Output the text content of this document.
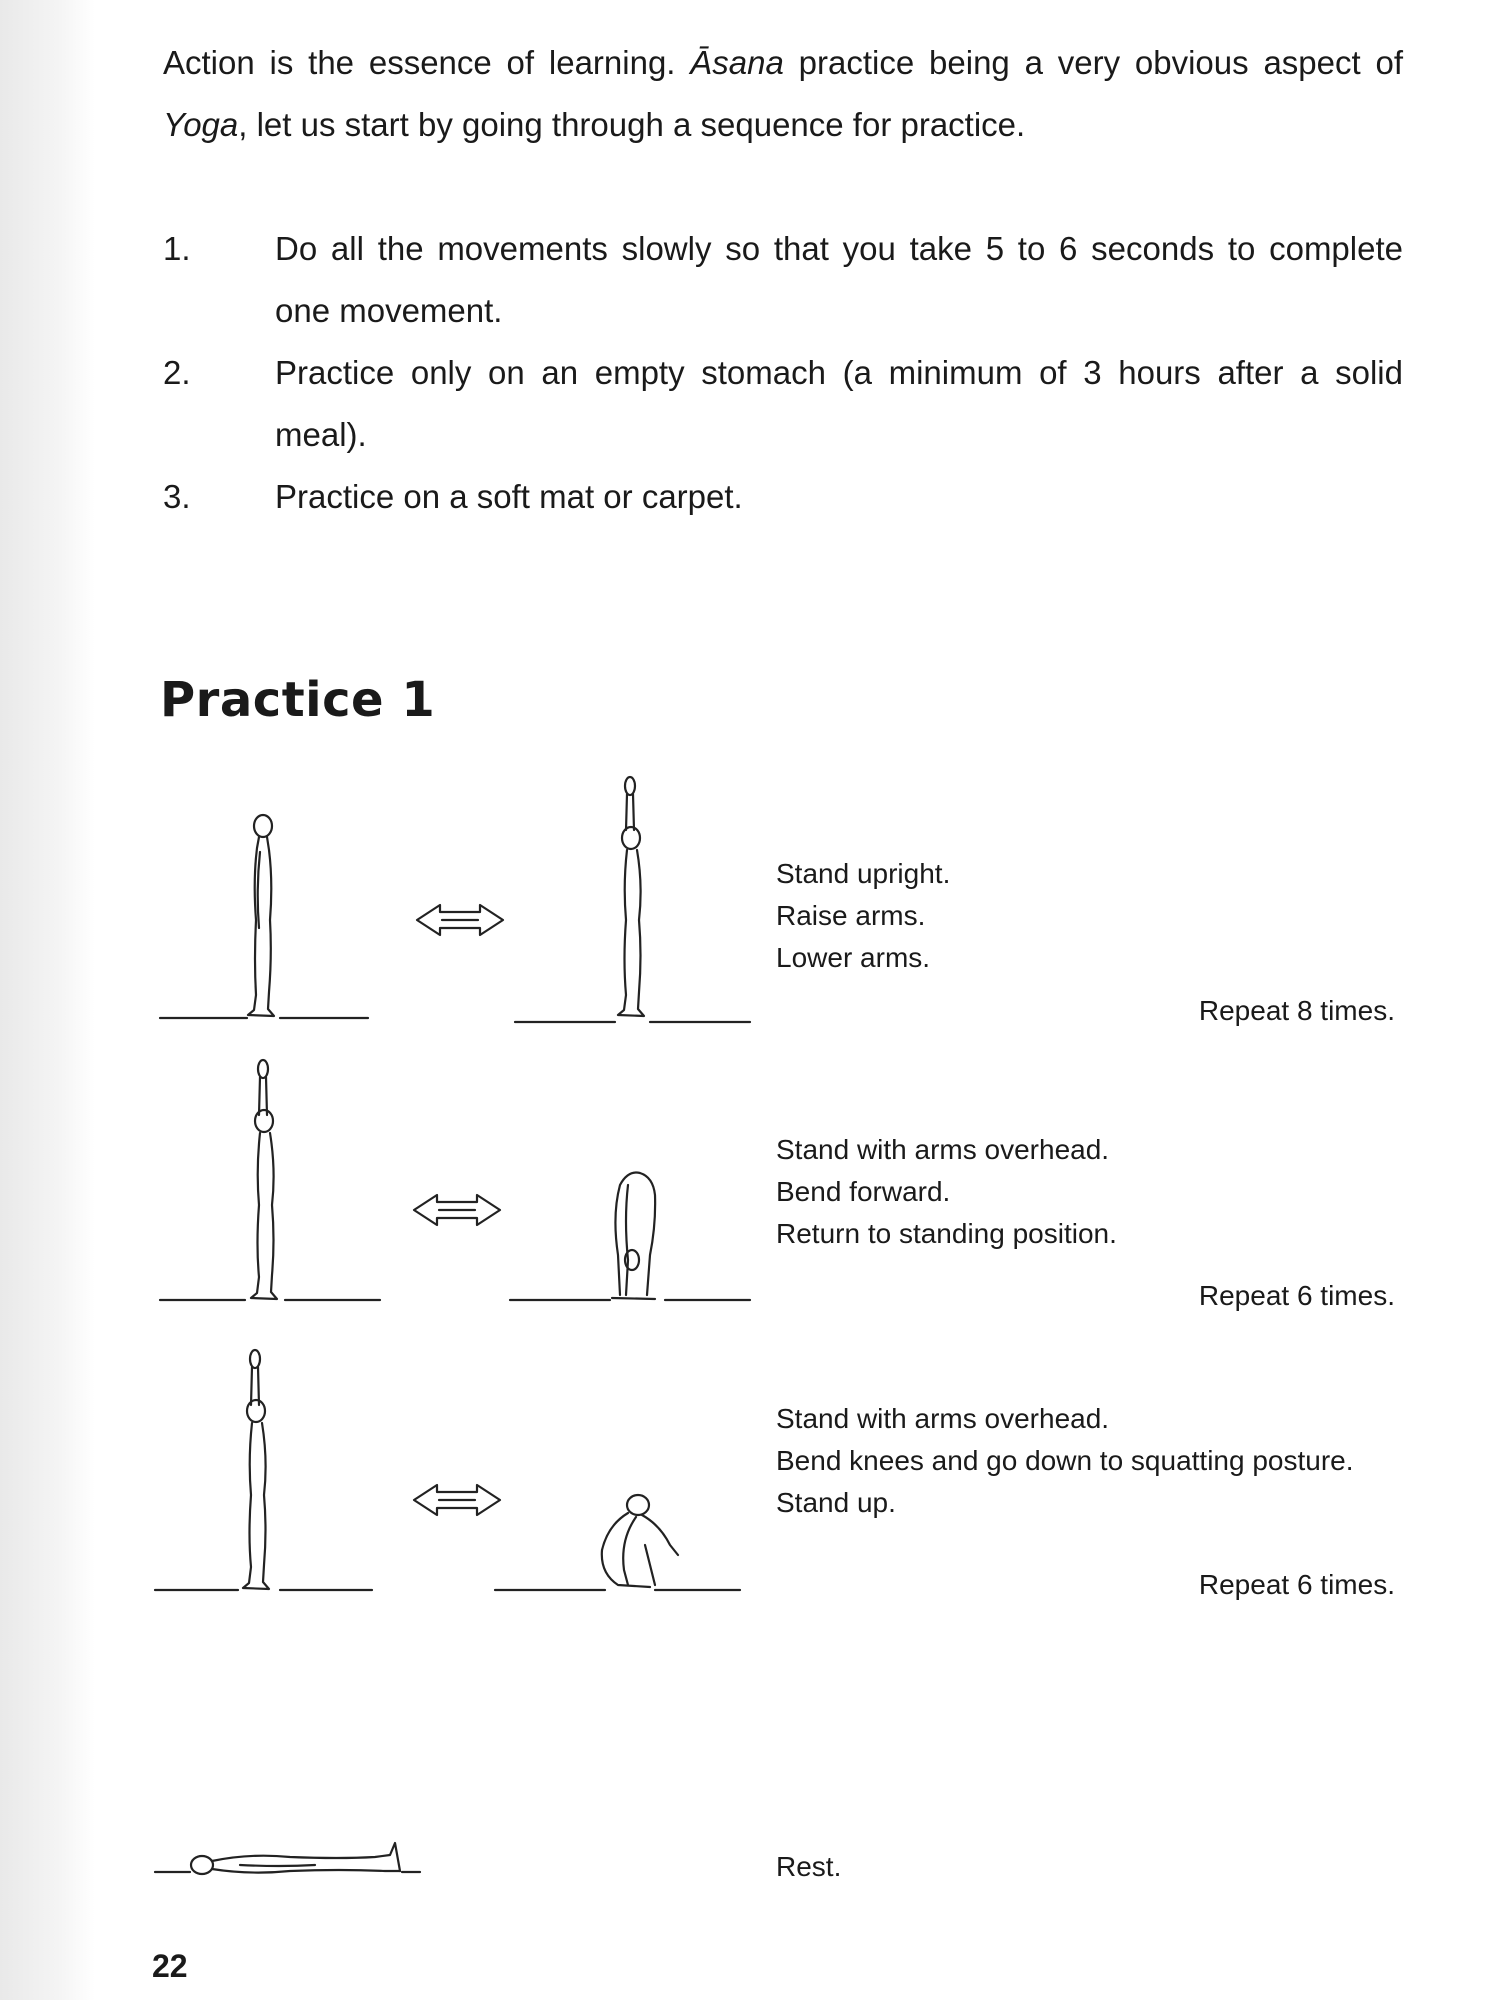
Action is the essence of learning. Āsana practice being a very obvious aspect of Yoga, let us start by going through a sequence for practice.

1.	Do all the movements slowly so that you take 5 to 6 seconds to complete one movement.
2.	Practice only on an empty stomach (a minimum of 3 hours after a solid meal).
3.	Practice on a soft mat or carpet.
Practice 1
Stand upright.
Raise arms.
Lower arms.
Repeat 8 times.
Stand with arms overhead.
Bend forward.
Return to standing position.
Repeat 6 times.
Stand with arms overhead.
Bend knees and go down to squatting posture.
Stand up.
Repeat 6 times.
Rest.
22
